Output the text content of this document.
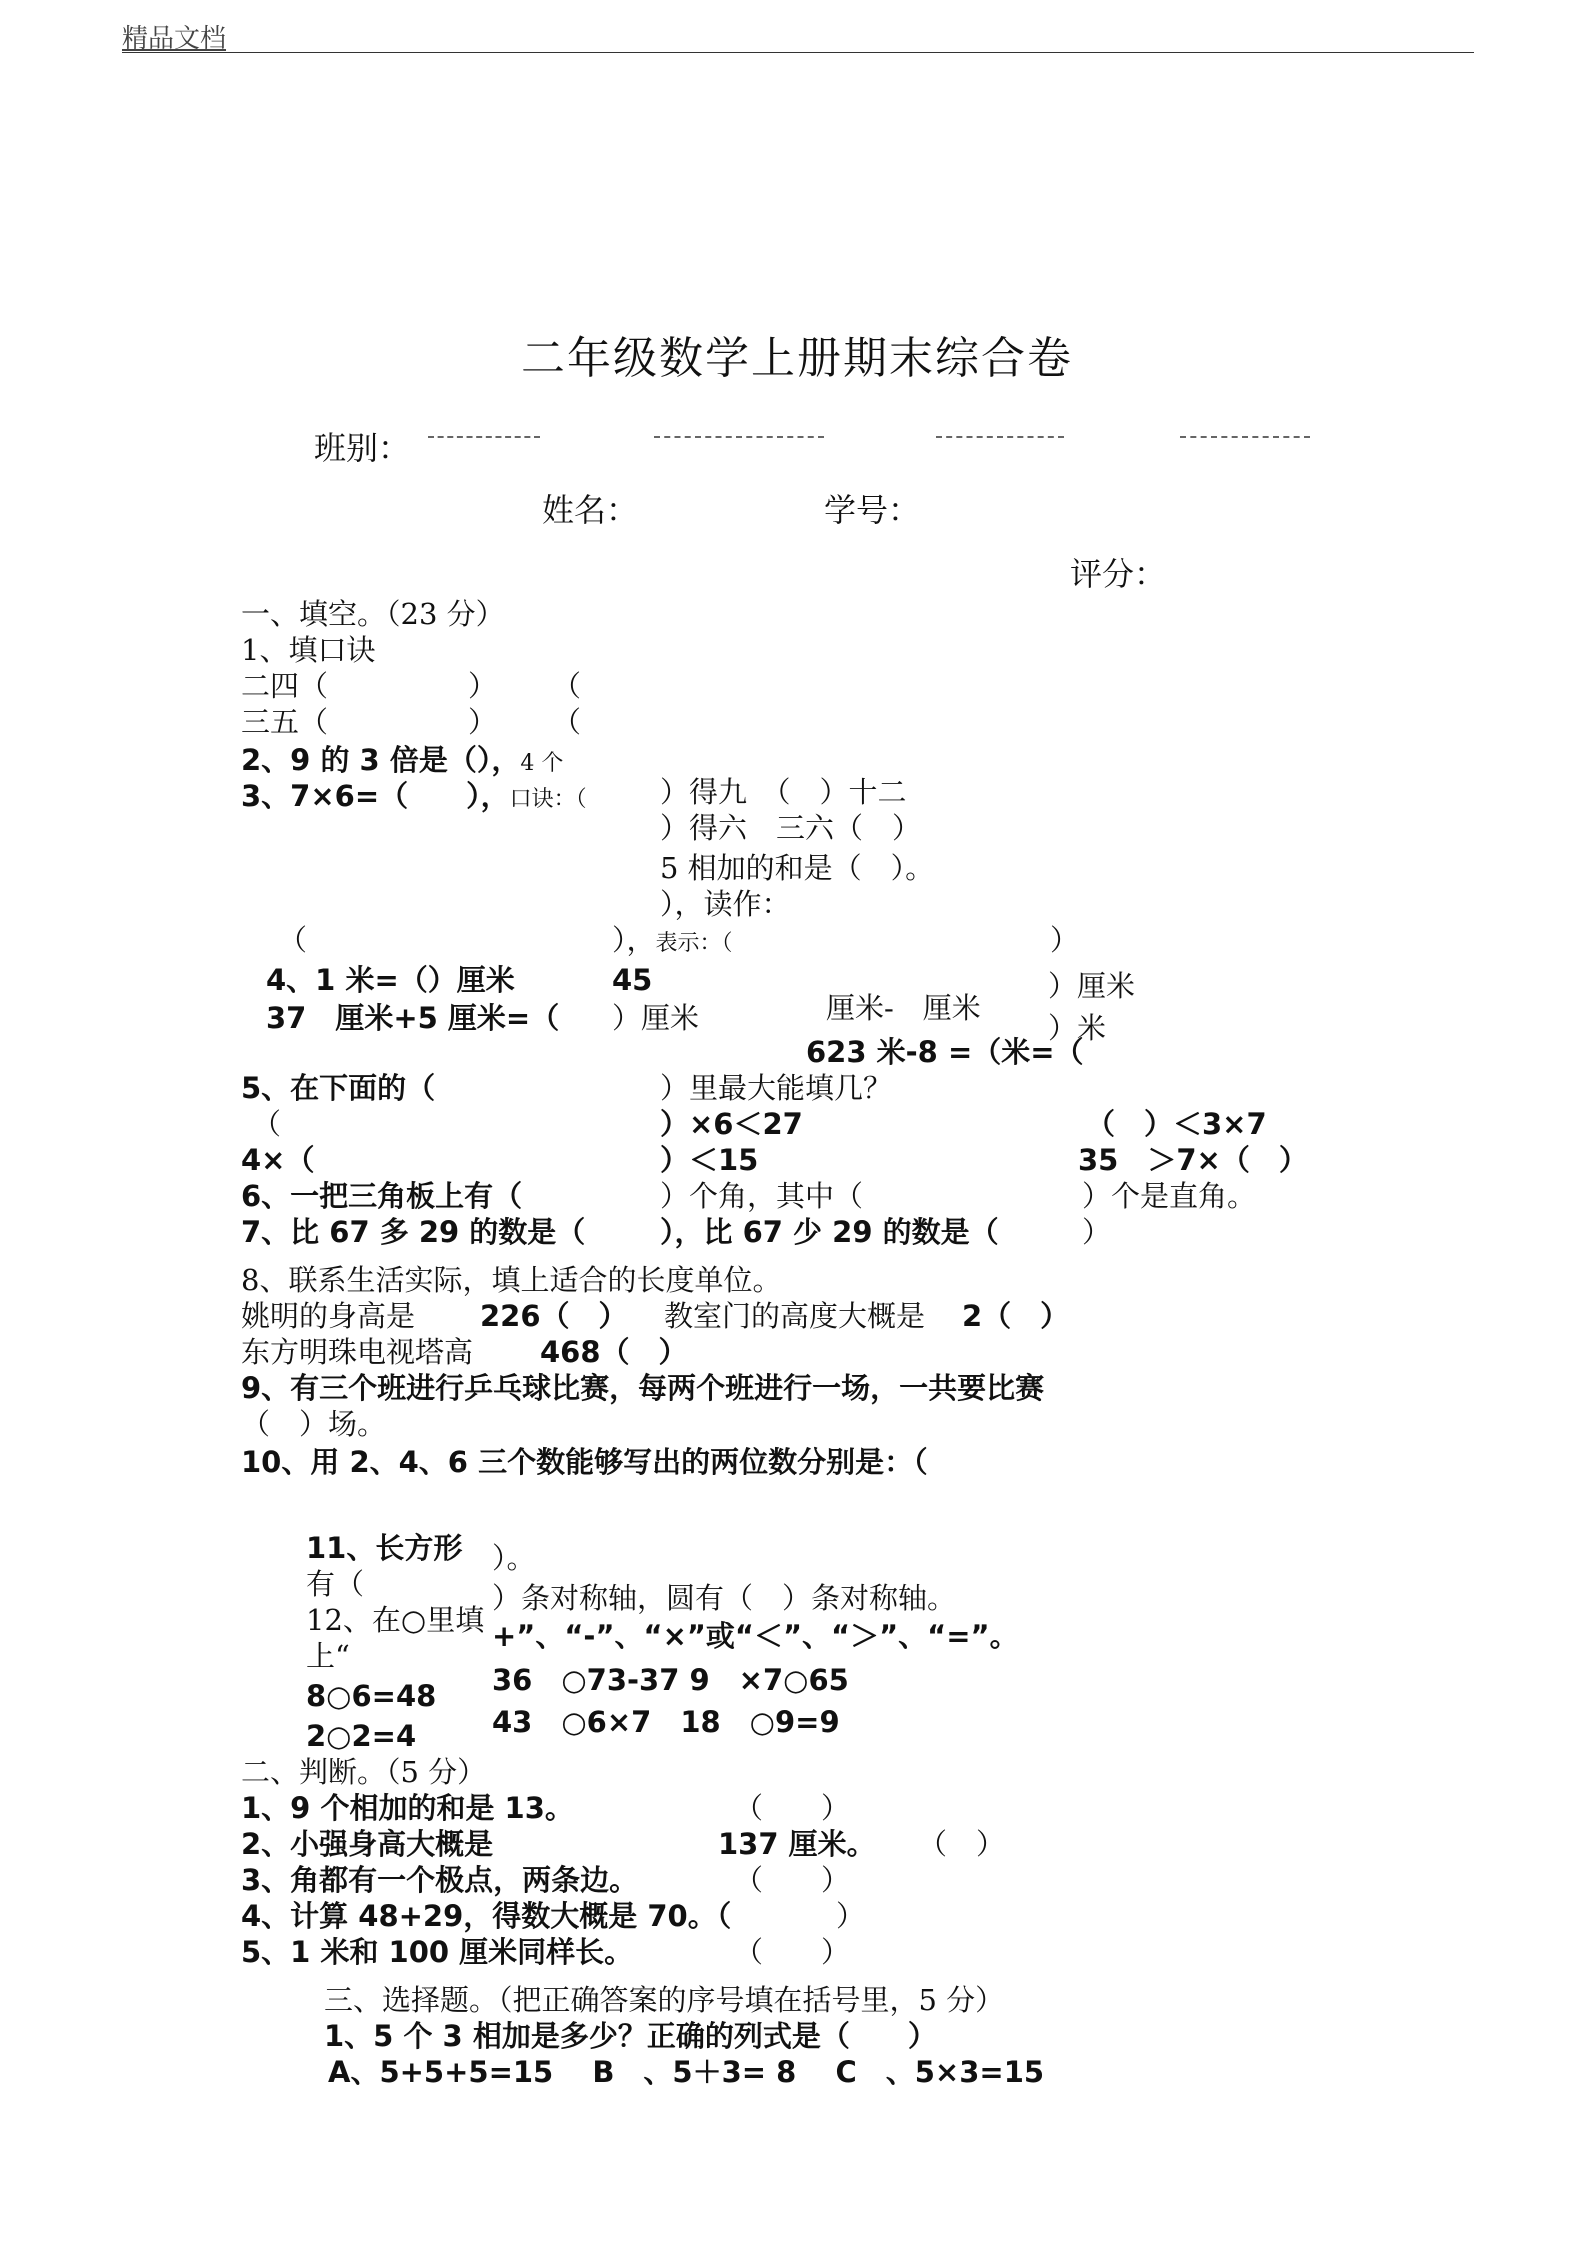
精品文档
二年级数学上册期末综合卷
班别：
姓名：	学号：
评分：
一、填空。（23 分）
1、填口诀
二四（	） （
三五（	） （
2、9 的 3 倍是（），4 个
3、7×6=（　　），口诀：（	）得九　（　）十二
）得六　三六（　）
5 相加的和是（　）。
），读作：
（	），表示：（	）
4、1 米=（）厘米	45	）厘米
37　厘米+5 厘米=（ ）厘米	厘米-　厘米
）米
623 米-8 =（米=（
5、在下面的（	）里最大能填几？
（	）×6＜27	（　）＜3×7
4×（	）＜15	35　＞7×（　）
6、一把三角板上有（	）个角，其中（	）个是直角。
7、比 67 多 29 的数是（	），比 67 少 29 的数是（	）
8、联系生活实际，填上适合的长度单位。
姚明的身高是 226（　） 教室门的高度大概是 2（　）
东方明珠电视塔高 468（　）
9、有三个班进行乒乓球比赛，每两个班进行一场，一共要比赛
（　）场。
10、用 2、4、6 三个数能够写出的两位数分别是：（
11、长方形 ）。
有（	）条对称轴，圆有（　）条对称轴。
12、在○里填 +”、“-”、“×”或“＜”、“＞”、“=”。
上“
8○6=48 36　○73-37 9　×7○65
2○2=4	43　○6×7　18　○9=9
二、判断。（5 分）
1、9 个相加的和是 13。	（　　）
2、小强身高大概是	137 厘米。 （　）
3、角都有一个极点，两条边。	（　　）
4、计算 48+29，得数大概是 70。（	）
5、1 米和 100 厘米同样长。	（　　）
三、选择题。（把正确答案的序号填在括号里，5 分）
1、5 个 3 相加是多少？正确的列式是（　　）
A、5+5+5=15　 B　、5＋3= 8　 C　、5×3=15
